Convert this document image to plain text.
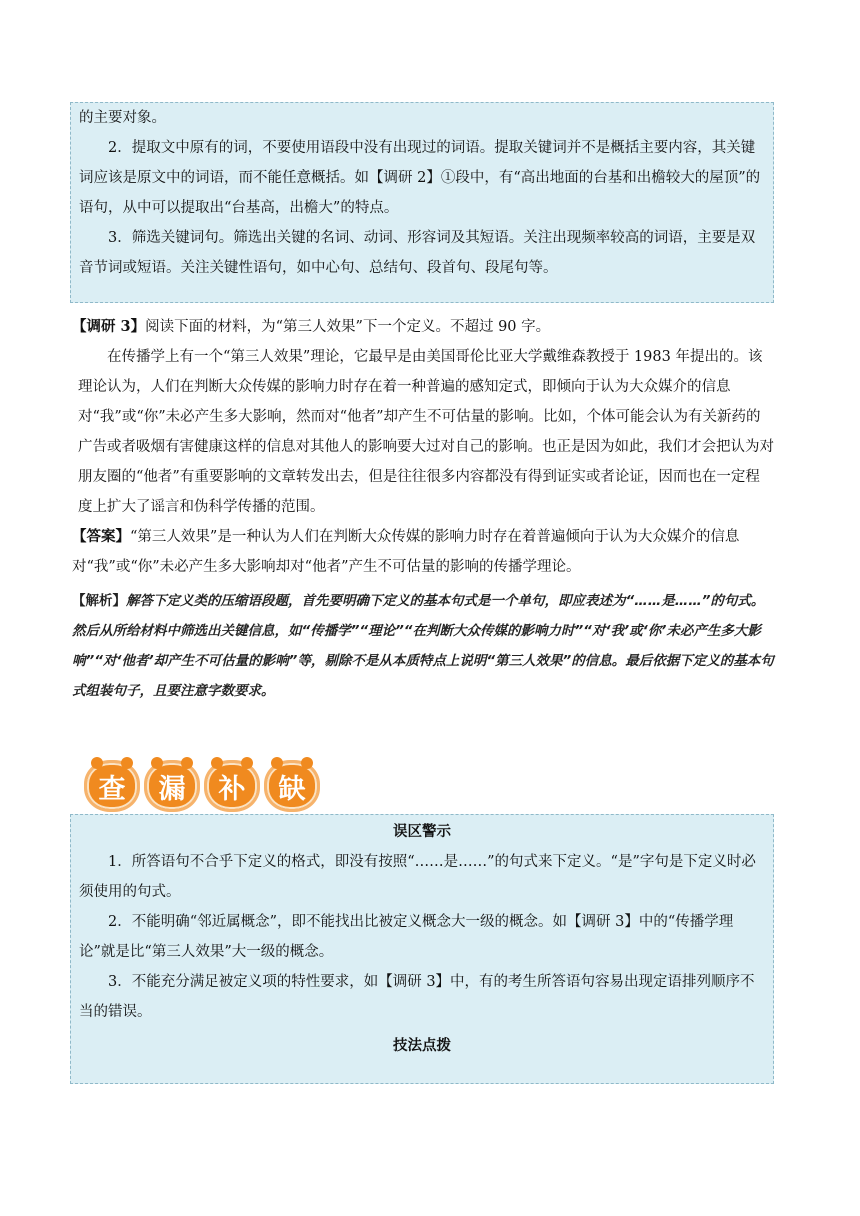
的主要对象。

2．提取文中原有的词，不要使用语段中没有出现过的词语。提取关键词并不是概括主要内容，其关键词应该是原文中的词语，而不能任意概括。如【调研 2】①段中，有“高出地面的台基和出檐较大的屋顶”的语句，从中可以提取出“台基高，出檐大”的特点。

3．筛选关键词句。筛选出关键的名词、动词、形容词及其短语。关注出现频率较高的词语，主要是双音节词或短语。关注关键性语句，如中心句、总结句、段首句、段尾句等。

【调研 3】阅读下面的材料，为“第三人效果”下一个定义。不超过 90 字。

在传播学上有一个“第三人效果”理论，它最早是由美国哥伦比亚大学戴维森教授于 1983 年提出的。该理论认为，人们在判断大众传媒的影响力时存在着一种普遍的感知定式，即倾向于认为大众媒介的信息对“我”或“你”未必产生多大影响，然而对“他者”却产生不可估量的影响。比如，个体可能会认为有关新药的广告或者吸烟有害健康这样的信息对其他人的影响要大过对自己的影响。也正是因为如此，我们才会把认为对朋友圈的“他者”有重要影响的文章转发出去，但是往往很多内容都没有得到证实或者论证，因而也在一定程度上扩大了谣言和伪科学传播的范围。

【答案】“第三人效果”是一种认为人们在判断大众传媒的影响力时存在着普遍倾向于认为大众媒介的信息对“我”或“你”未必产生多大影响却对“他者”产生不可估量的影响的传播学理论。

【解析】解答下定义类的压缩语段题，首先要明确下定义的基本句式是一个单句，即应表述为“……是……”的句式。然后从所给材料中筛选出关键信息，如“传播学”“理论”“在判断大众传媒的影响力时”“对‘我’或‘你’未必产生多大影响”“对‘他者’却产生不可估量的影响”等，剔除不是从本质特点上说明“第三人效果”的信息。最后依据下定义的基本句式组装句子，且要注意字数要求。

查	漏	补	缺

误区警示

1．所答语句不合乎下定义的格式，即没有按照“……是……”的句式来下定义。“是”字句是下定义时必须使用的句式。

2．不能明确“邻近属概念”，即不能找出比被定义概念大一级的概念。如【调研 3】中的“传播学理论”就是比“第三人效果”大一级的概念。

3．不能充分满足被定义项的特性要求，如【调研 3】中，有的考生所答语句容易出现定语排列顺序不当的错误。

技法点拨
